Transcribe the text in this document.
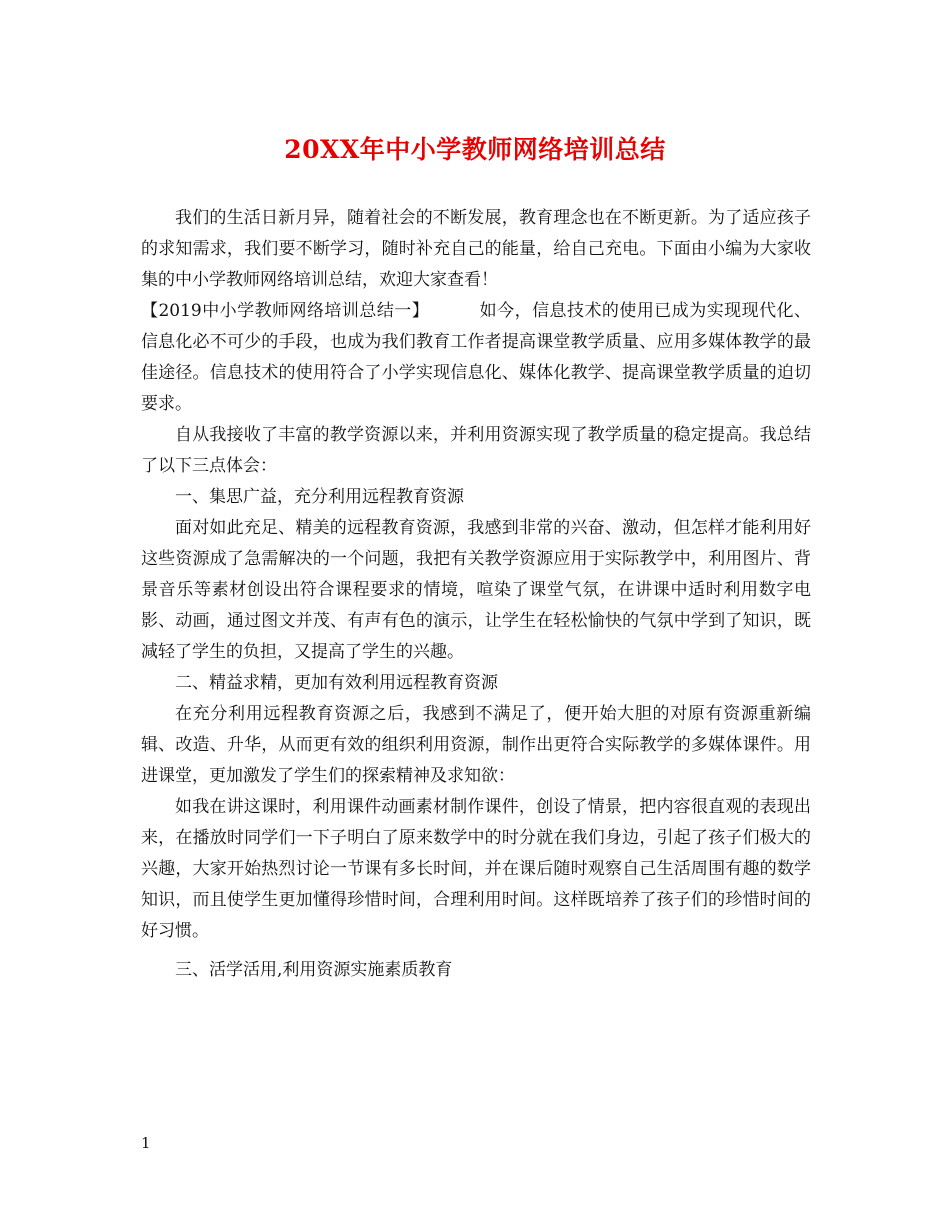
20XX年中小学教师网络培训总结

我们的生活日新月异，随着社会的不断发展，教育理念也在不断更新。为了适应孩子的求知需求，我们要不断学习，随时补充自己的能量，给自己充电。下面由小编为大家收集的中小学教师网络培训总结，欢迎大家查看！

【2019中小学教师网络培训总结一】	如今，信息技术的使用已成为实现现代化、信息化必不可少的手段，也成为我们教育工作者提高课堂教学质量、应用多媒体教学的最佳途径。信息技术的使用符合了小学实现信息化、媒体化教学、提高课堂教学质量的迫切要求。

自从我接收了丰富的教学资源以来，并利用资源实现了教学质量的稳定提高。我总结了以下三点体会：

一、集思广益，充分利用远程教育资源

面对如此充足、精美的远程教育资源，我感到非常的兴奋、激动，但怎样才能利用好这些资源成了急需解决的一个问题，我把有关教学资源应用于实际教学中，利用图片、背景音乐等素材创设出符合课程要求的情境，喧染了课堂气氛，在讲课中适时利用数字电影、动画，通过图文并茂、有声有色的演示，让学生在轻松愉快的气氛中学到了知识，既减轻了学生的负担，又提高了学生的兴趣。

二、精益求精，更加有效利用远程教育资源

在充分利用远程教育资源之后，我感到不满足了，便开始大胆的对原有资源重新编辑、改造、升华，从而更有效的组织利用资源，制作出更符合实际教学的多媒体课件。用进课堂，更加激发了学生们的探索精神及求知欲：

如我在讲这课时，利用课件动画素材制作课件，创设了情景，把内容很直观的表现出来，在播放时同学们一下子明白了原来数学中的时分就在我们身边，引起了孩子们极大的兴趣，大家开始热烈讨论一节课有多长时间，并在课后随时观察自己生活周围有趣的数学知识，而且使学生更加懂得珍惜时间，合理利用时间。这样既培养了孩子们的珍惜时间的好习惯。

三、活学活用,利用资源实施素质教育

1
